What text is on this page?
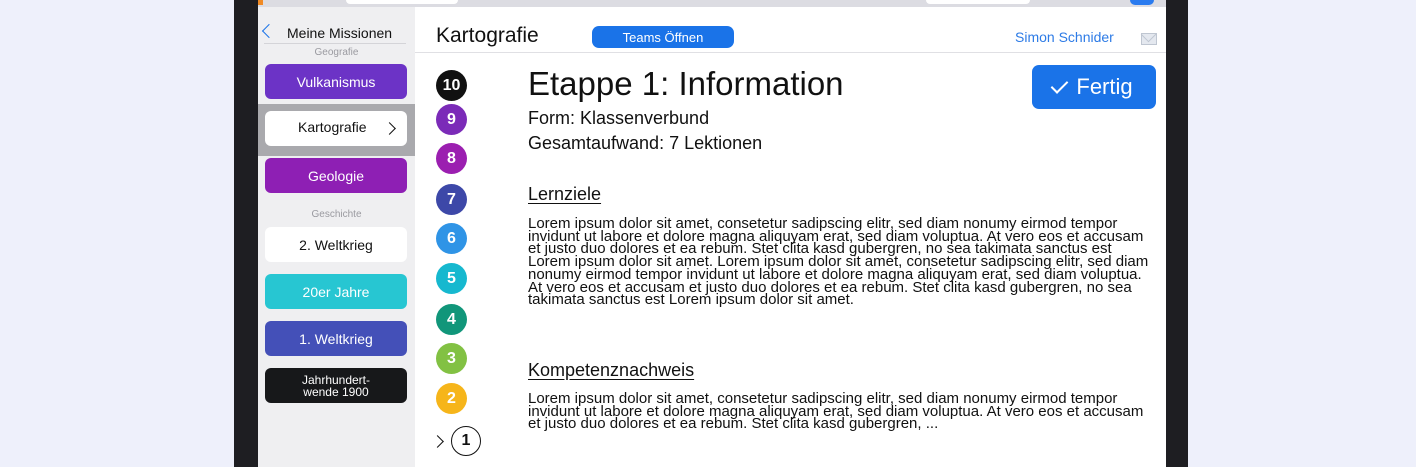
Meine Missionen
Geografie
Vulkanismus
Kartografie
Geologie
Geschichte
2. Weltkrieg
20er Jahre
1. Weltkrieg
Jahrhundert-
wende 1900
Kartografie	Teams Öffnen	Simon Schnider
10
9
8
7
6
5
4
3
2
1
Etappe 1: Information
Form: Klassenverbund
Gesamtaufwand: 7 Lektionen
Fertig
Lernziele

Lorem ipsum dolor sit amet, consetetur sadipscing elitr, sed diam nonumy eirmod tempor invidunt ut labore et dolore magna aliquyam erat, sed diam voluptua. At vero eos et accusam et justo duo dolores et ea rebum. Stet clita kasd gubergren, no sea takimata sanctus est Lorem ipsum dolor sit amet. Lorem ipsum dolor sit amet, consetetur sadipscing elitr, sed diam nonumy eirmod tempor invidunt ut labore et dolore magna aliquyam erat, sed diam voluptua. At vero eos et accusam et justo duo dolores et ea rebum. Stet clita kasd gubergren, no sea takimata sanctus est Lorem ipsum dolor sit amet.

Kompetenznachweis

Lorem ipsum dolor sit amet, consetetur sadipscing elitr, sed diam nonumy eirmod tempor invidunt ut labore et dolore magna aliquyam erat, sed diam voluptua. At vero eos et accusam et justo duo dolores et ea rebum. Stet clita kasd gubergren, ...
